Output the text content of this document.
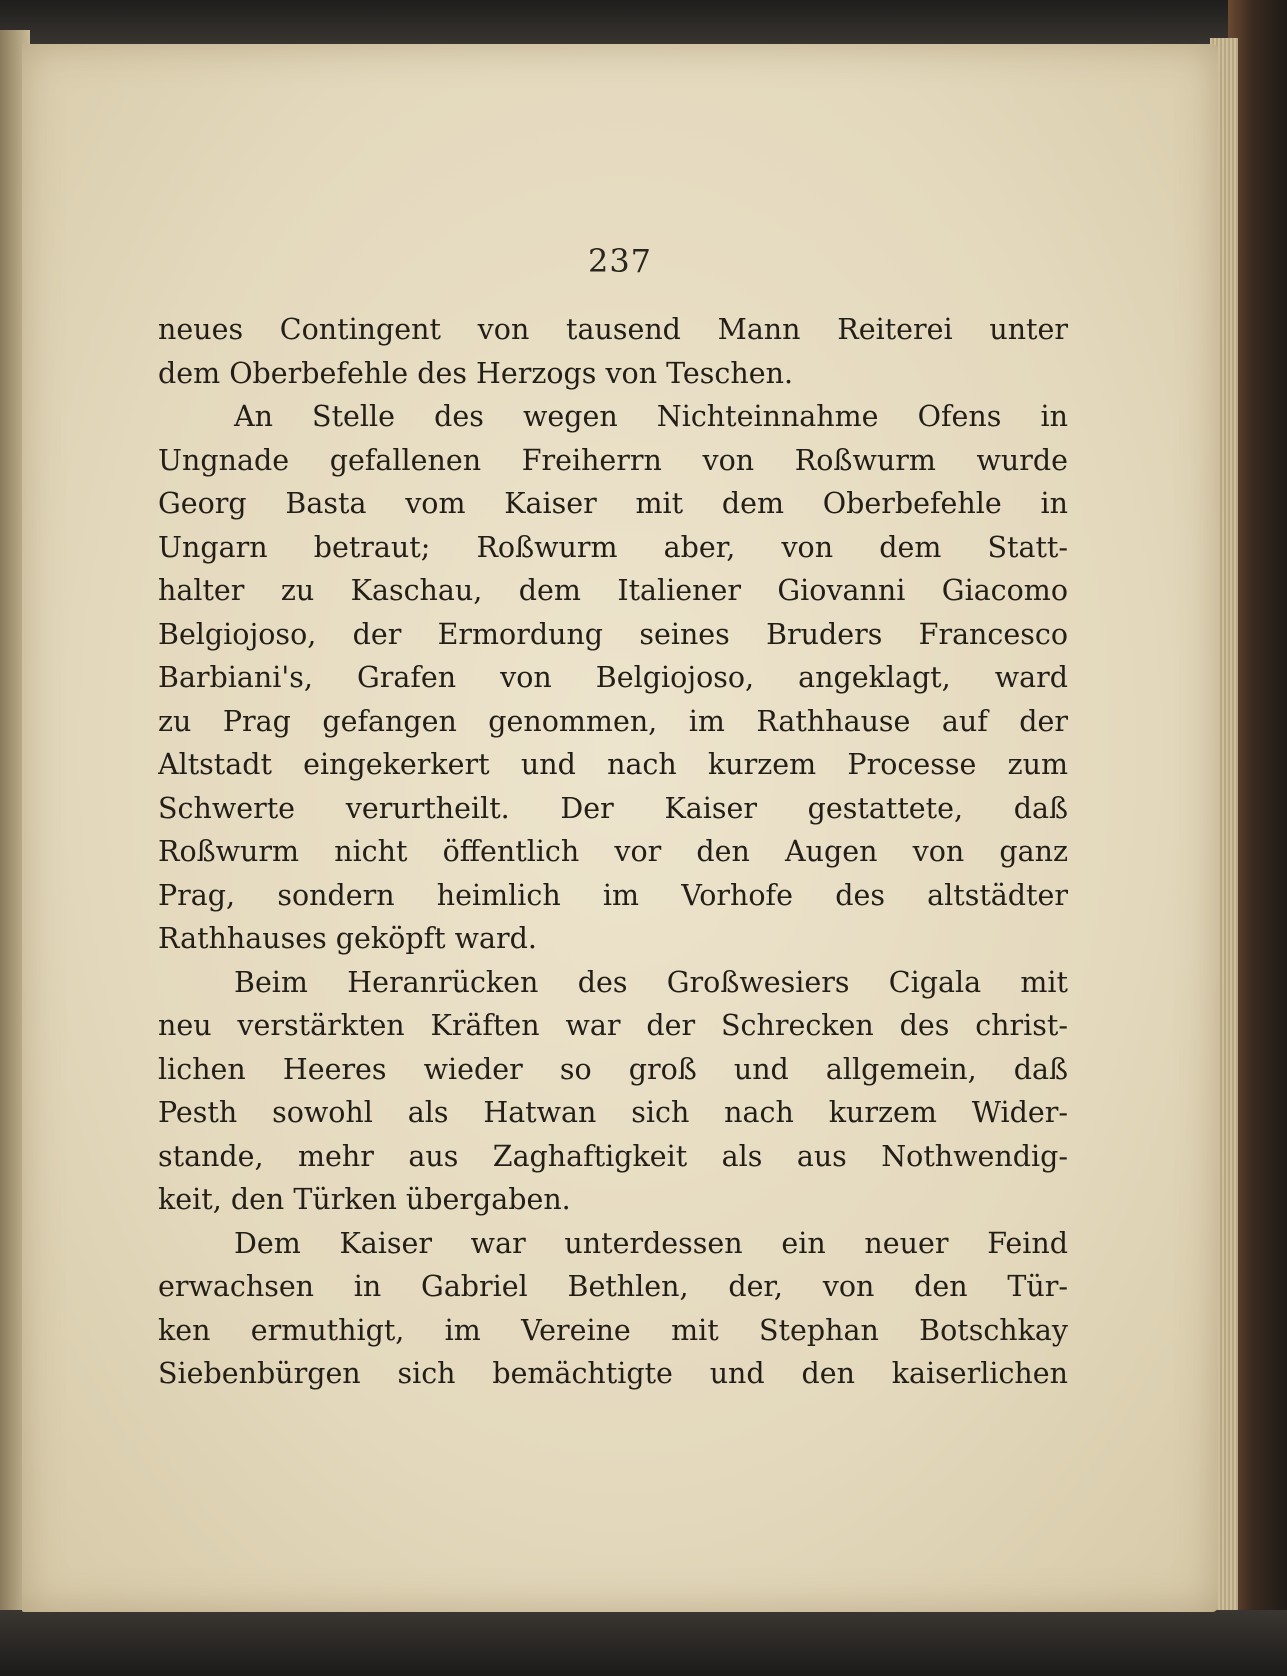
237
neues Contingent von tausend Mann Reiterei unter
dem Oberbefehle des Herzogs von Teschen.
An Stelle des wegen Nichteinnahme Ofens in
Ungnade gefallenen Freiherrn von Roßwurm wurde
Georg Basta vom Kaiser mit dem Oberbefehle in
Ungarn betraut; Roßwurm aber, von dem Statt-
halter zu Kaschau, dem Italiener Giovanni Giacomo
Belgiojoso, der Ermordung seines Bruders Francesco
Barbiani's, Grafen von Belgiojoso, angeklagt, ward
zu Prag gefangen genommen, im Rathhause auf der
Altstadt eingekerkert und nach kurzem Processe zum
Schwerte verurtheilt. Der Kaiser gestattete, daß
Roßwurm nicht öffentlich vor den Augen von ganz
Prag, sondern heimlich im Vorhofe des altstädter
Rathhauses geköpft ward.
Beim Heranrücken des Großwesiers Cigala mit
neu verstärkten Kräften war der Schrecken des christ-
lichen Heeres wieder so groß und allgemein, daß
Pesth sowohl als Hatwan sich nach kurzem Wider-
stande, mehr aus Zaghaftigkeit als aus Nothwendig-
keit, den Türken übergaben.
Dem Kaiser war unterdessen ein neuer Feind
erwachsen in Gabriel Bethlen, der, von den Tür-
ken ermuthigt, im Vereine mit Stephan Botschkay
Siebenbürgen sich bemächtigte und den kaiserlichen
